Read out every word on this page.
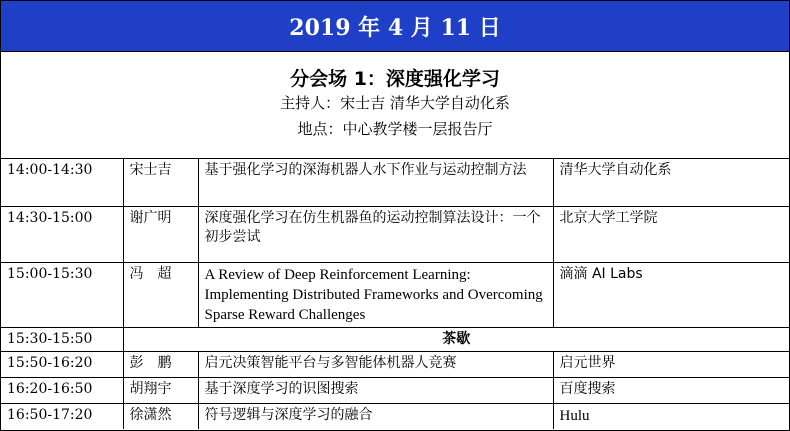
2019 年 4 月 11 日
分会场 1：深度强化学习
主持人：宋士吉 清华大学自动化系
地点：中心教学楼一层报告厅
14:00-14:30	宋士吉	基于强化学习的深海机器人水下作业与运动控制方法	清华大学自动化系
14:30-15:00	谢广明	深度强化学习在仿生机器鱼的运动控制算法设计：一个初步尝试	北京大学工学院
15:00-15:30	冯　超	A Review of Deep Reinforcement Learning: Implementing Distributed Frameworks and Overcoming Sparse Reward Challenges	滴滴 AI Labs
15:30-15:50	茶歇		
15:50-16:20	彭　鹏	启元决策智能平台与多智能体机器人竞赛	启元世界
16:20-16:50	胡翔宇	基于深度学习的识图搜索	百度搜索
16:50-17:20	徐潇然	符号逻辑与深度学习的融合	Hulu
